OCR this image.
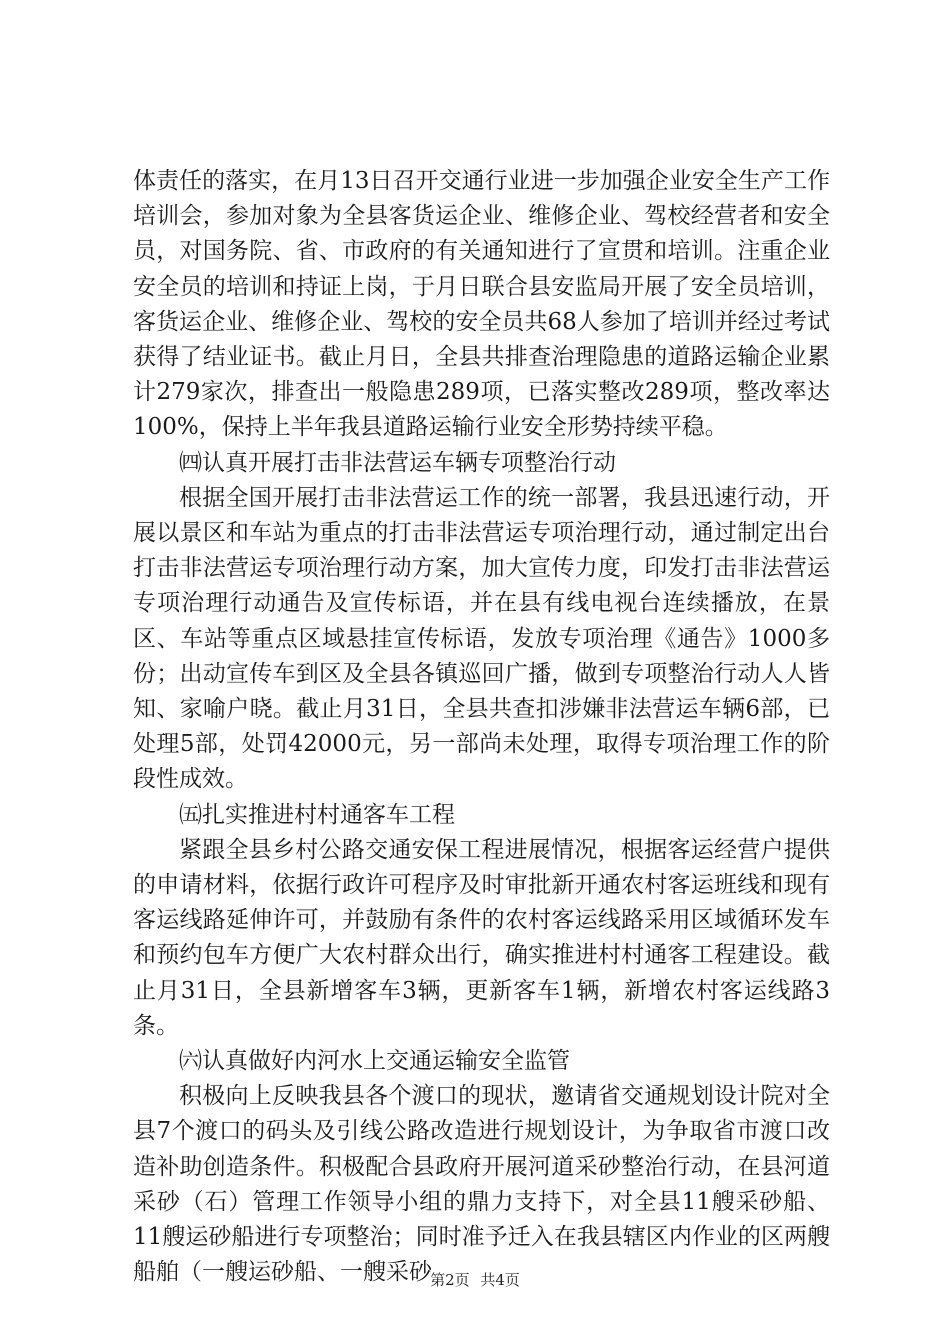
体责任的落实，在月13日召开交通行业进一步加强企业安全生产工作培训会，参加对象为全县客货运企业、维修企业、驾校经营者和安全员，对国务院、省、市政府的有关通知进行了宣贯和培训。注重企业安全员的培训和持证上岗，于月日联合县安监局开展了安全员培训，客货运企业、维修企业、驾校的安全员共68人参加了培训并经过考试获得了结业证书。截止月日，全县共排查治理隐患的道路运输企业累计279家次，排查出一般隐患289项，已落实整改289项，整改率达100%，保持上半年我县道路运输行业安全形势持续平稳。

㈣认真开展打击非法营运车辆专项整治行动

根据全国开展打击非法营运工作的统一部署，我县迅速行动，开展以景区和车站为重点的打击非法营运专项治理行动，通过制定出台打击非法营运专项治理行动方案，加大宣传力度，印发打击非法营运专项治理行动通告及宣传标语，并在县有线电视台连续播放，在景区、车站等重点区域悬挂宣传标语，发放专项治理《通告》1000多份；出动宣传车到区及全县各镇巡回广播，做到专项整治行动人人皆知、家喻户晓。截止月31日，全县共查扣涉嫌非法营运车辆6部，已处理5部，处罚42000元，另一部尚未处理，取得专项治理工作的阶段性成效。

㈤扎实推进村村通客车工程

紧跟全县乡村公路交通安保工程进展情况，根据客运经营户提供的申请材料，依据行政许可程序及时审批新开通农村客运班线和现有客运线路延伸许可，并鼓励有条件的农村客运线路采用区域循环发车和预约包车方便广大农村群众出行，确实推进村村通客工程建设。截止月31日，全县新增客车3辆，更新客车1辆，新增农村客运线路3条。

㈥认真做好内河水上交通运输安全监管

积极向上反映我县各个渡口的现状，邀请省交通规划设计院对全县7个渡口的码头及引线公路改造进行规划设计，为争取省市渡口改造补助创造条件。积极配合县政府开展河道采砂整治行动，在县河道采砂（石）管理工作领导小组的鼎力支持下，对全县11艘采砂船、11艘运砂船进行专项整治；同时准予迁入在我县辖区内作业的区两艘船舶（一艘运砂船、一艘采砂

第2页 共4页
